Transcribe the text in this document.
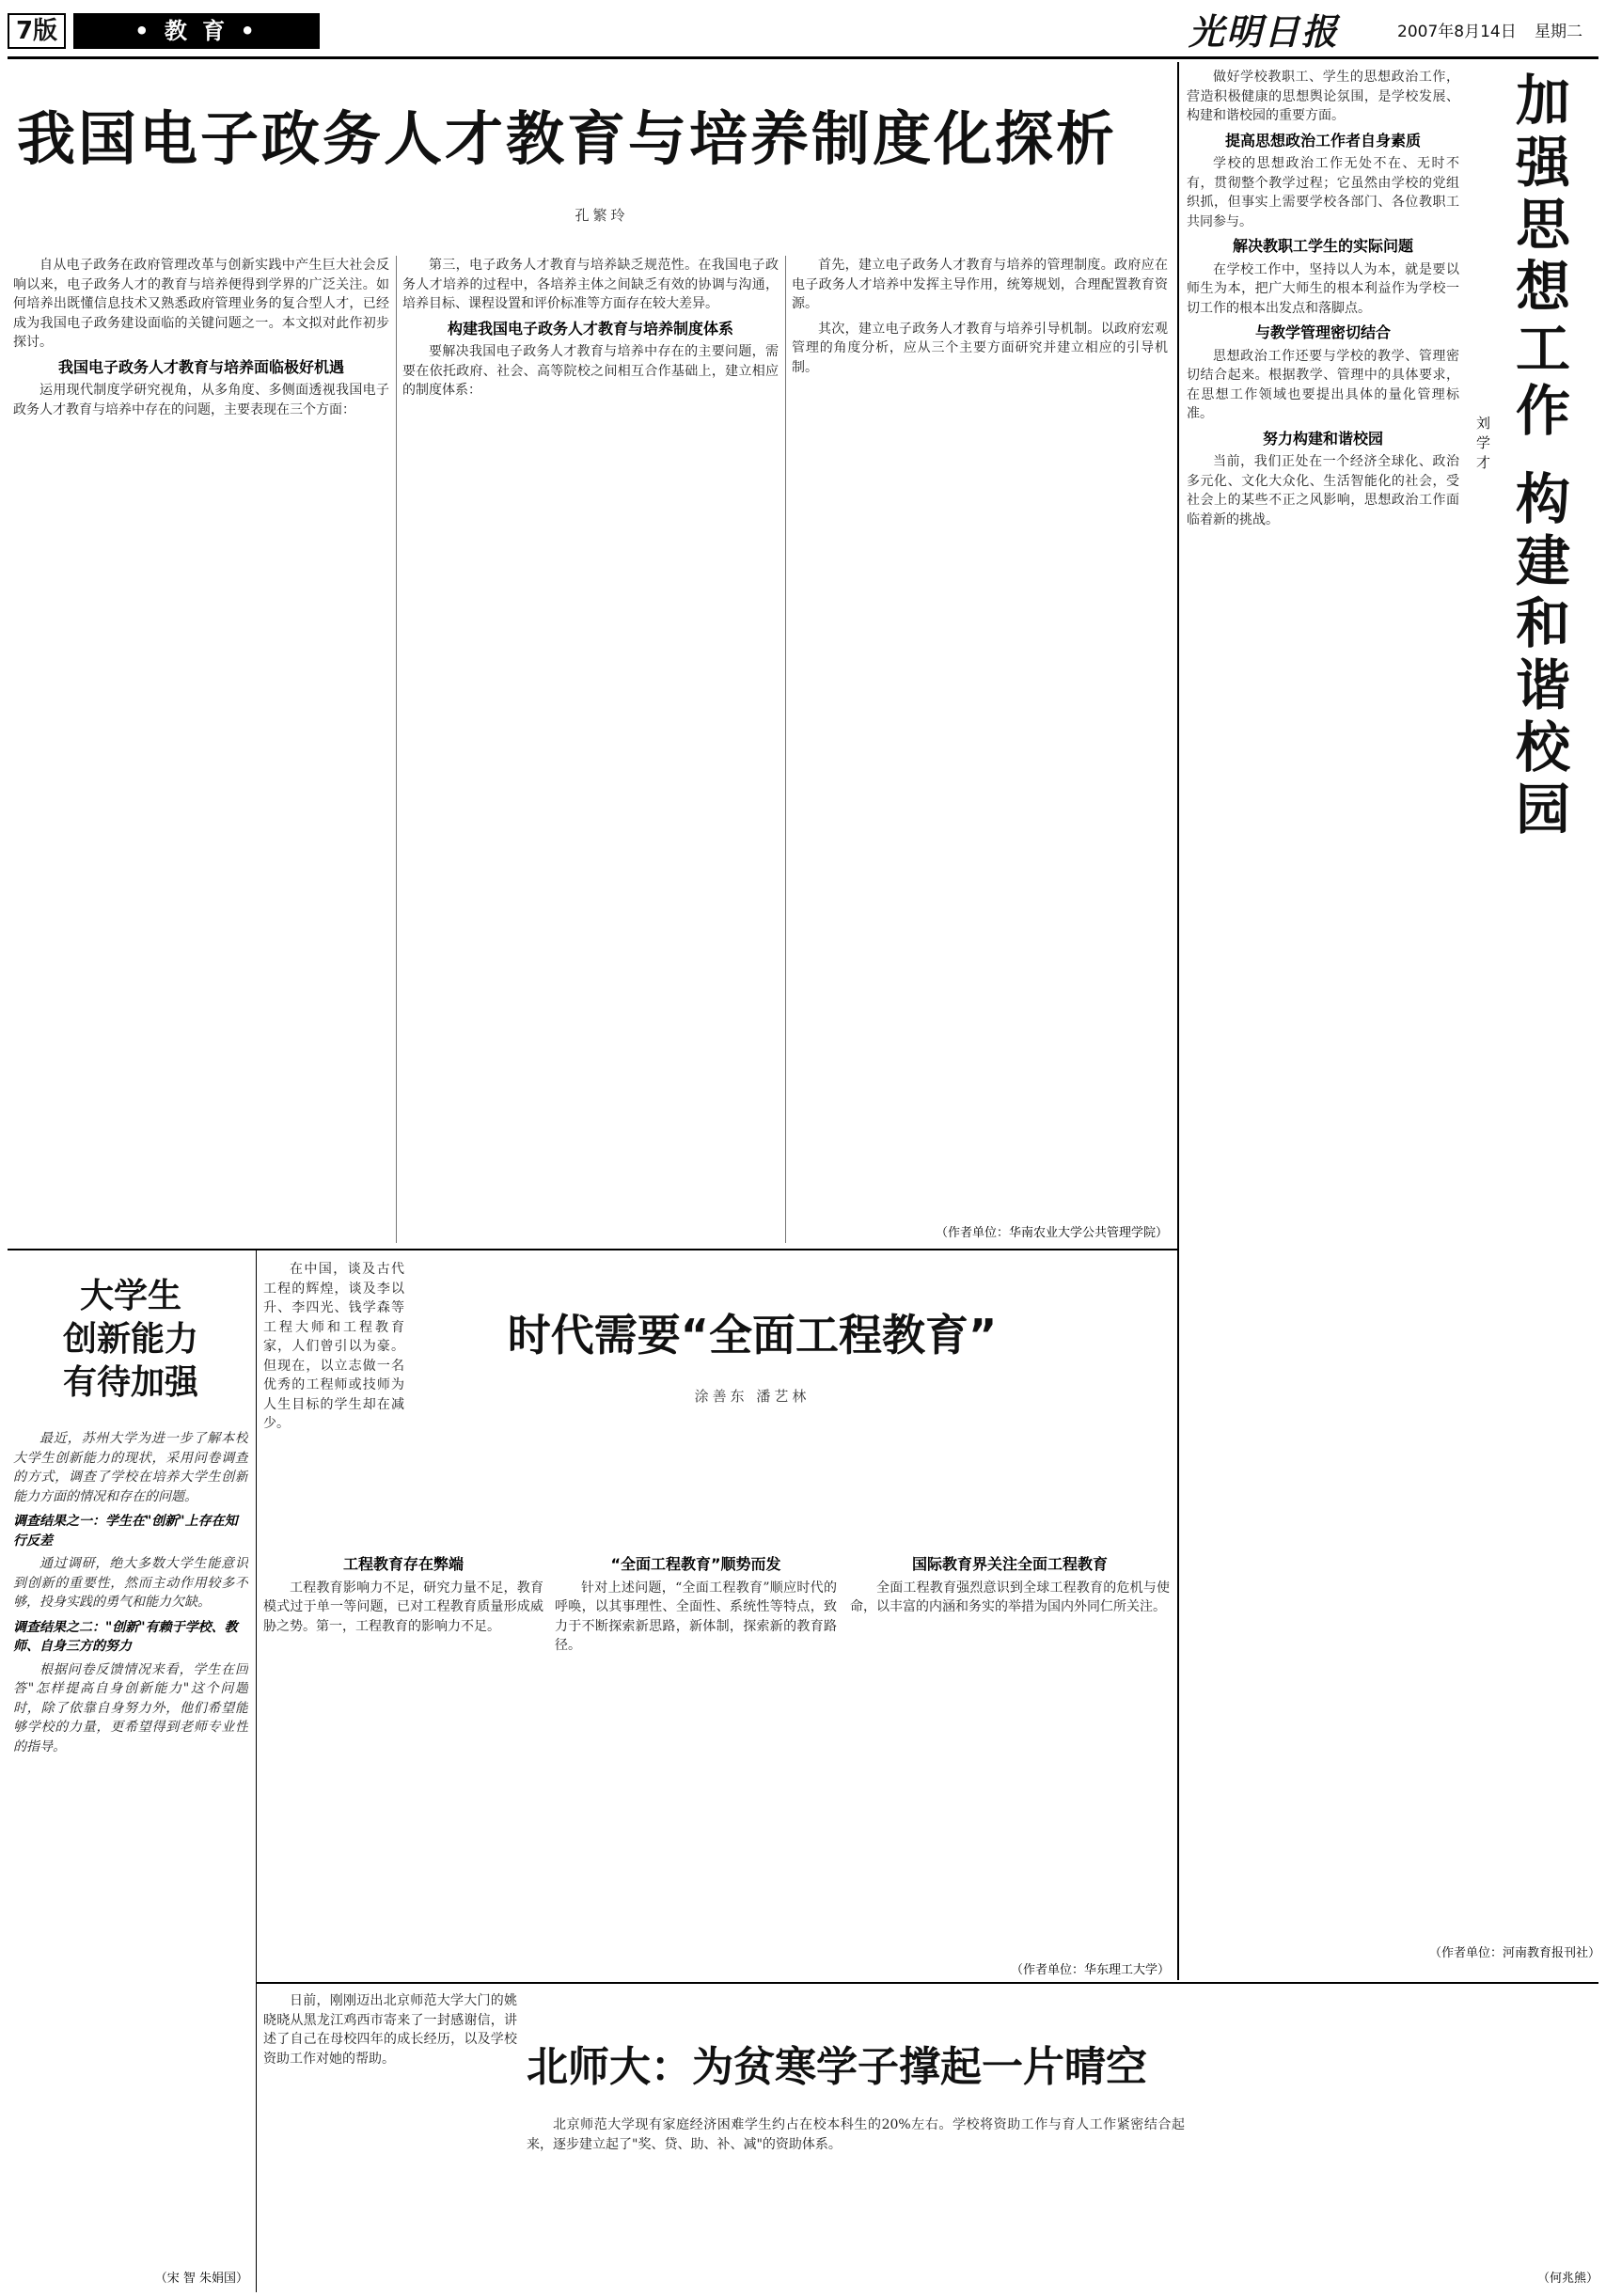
7版	• 教 育 •	光明日报	2007年8月14日	星期二
我国电子政务人才教育与培养制度化探析
孔繁玲

自从电子政务在政府管理改革与创新实践中产生巨大社会反响以来，电子政务人才的教育与培养便得到学界的广泛关注。如何培养出既懂信息技术又熟悉政府管理业务的复合型人才，已经成为我国电子政务建设面临的关键问题之一。本文拟对此作初步探讨。

我国电子政务人才教育与培养面临极好机遇

运用现代制度学研究视角，从多角度、多侧面透视我国电子政务人才教育与培养中存在的问题，主要表现在三个方面：

第三，电子政务人才教育与培养缺乏规范性。在我国电子政务人才培养的过程中，各培养主体之间缺乏有效的协调与沟通，培养目标、课程设置和评价标准等方面存在较大差异。

构建我国电子政务人才教育与培养制度体系

要解决我国电子政务人才教育与培养中存在的主要问题，需要在依托政府、社会、高等院校之间相互合作基础上，建立相应的制度体系：

首先，建立电子政务人才教育与培养的管理制度。政府应在电子政务人才培养中发挥主导作用，统筹规划，合理配置教育资源。

其次，建立电子政务人才教育与培养引导机制。以政府宏观管理的角度分析，应从三个主要方面研究并建立相应的引导机制。

（作者单位：华南农业大学公共管理学院）
加强思想工作 构建和谐校园
刘学才

做好学校教职工、学生的思想政治工作，营造积极健康的思想舆论氛围，是学校发展、构建和谐校园的重要方面。

提高思想政治工作者自身素质

学校的思想政治工作无处不在、无时不有，贯彻整个教学过程；它虽然由学校的党组织抓，但事实上需要学校各部门、各位教职工共同参与。

解决教职工学生的实际问题

在学校工作中，坚持以人为本，就是要以师生为本，把广大师生的根本利益作为学校一切工作的根本出发点和落脚点。

与教学管理密切结合

思想政治工作还要与学校的教学、管理密切结合起来。根据教学、管理中的具体要求，在思想工作领域也要提出具体的量化管理标准。

努力构建和谐校园

当前，我们正处在一个经济全球化、政治多元化、文化大众化、生活智能化的社会，受社会上的某些不正之风影响，思想政治工作面临着新的挑战。

（作者单位：河南教育报刊社）
大学生
创新能力
有待加强

最近，苏州大学为进一步了解本校大学生创新能力的现状，采用问卷调查的方式，调查了学校在培养大学生创新能力方面的情况和存在的问题。

调查结果之一：学生在"创新"上存在知行反差

通过调研，绝大多数大学生能意识到创新的重要性，然而主动作用较多不够，投身实践的勇气和能力欠缺。

调查结果之二："创新"有赖于学校、教师、自身三方的努力

根据问卷反馈情况来看，学生在回答"怎样提高自身创新能力"这个问题时，除了依靠自身努力外，他们希望能够学校的力量，更希望得到老师专业性的指导。

（宋 智 朱娟国）

在中国，谈及古代工程的辉煌，谈及李以升、李四光、钱学森等工程大师和工程教育家，人们曾引以为豪。但现在，以立志做一名优秀的工程师或技师为人生目标的学生却在减少。

时代需要“全面工程教育”
涂善东 潘艺林
工程教育存在弊端

工程教育影响力不足，研究力量不足，教育模式过于单一等问题，已对工程教育质量形成威胁之势。第一，工程教育的影响力不足。

“全面工程教育”顺势而发

针对上述问题，“全面工程教育”顺应时代的呼唤，以其事理性、全面性、系统性等特点，致力于不断探索新思路，新体制，探索新的教育路径。

国际教育界关注全面工程教育

全面工程教育强烈意识到全球工程教育的危机与使命，以丰富的内涵和务实的举措为国内外同仁所关注。

（作者单位：华东理工大学）
北师大：为贫寒学子撑起一片晴空

日前，刚刚迈出北京师范大学大门的姚晓晓从黑龙江鸡西市寄来了一封感谢信，讲述了自己在母校四年的成长经历，以及学校资助工作对她的帮助。

北京师范大学现有家庭经济困难学生约占在校本科生的20%左右。学校将资助工作与育人工作紧密结合起来，逐步建立起了"奖、贷、助、补、减"的资助体系。

（何兆熊）
